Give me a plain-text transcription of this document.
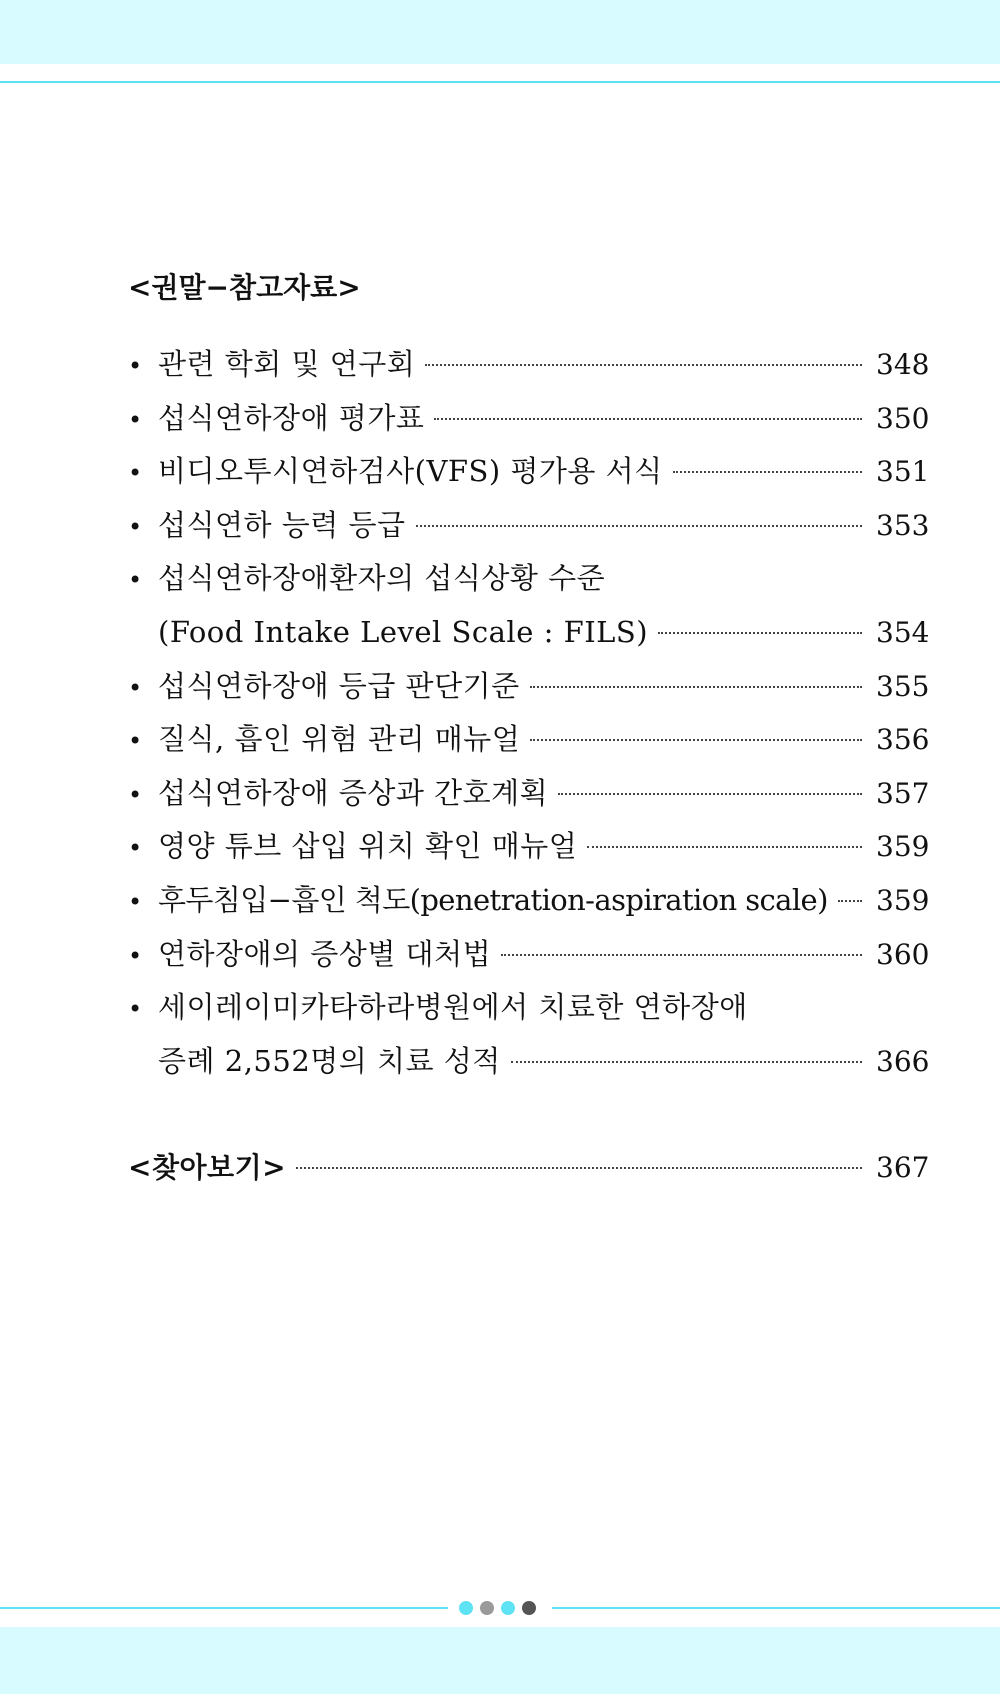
<권말−참고자료>
• 관련 학회 및 연구회	348
• 섭식연하장애 평가표	350
• 비디오투시연하검사(VFS) 평가용 서식	351
• 섭식연하 능력 등급	353
• 섭식연하장애환자의 섭식상황 수준
(Food Intake Level Scale : FILS)	354
• 섭식연하장애 등급 판단기준	355
• 질식, 흡인 위험 관리 매뉴얼	356
• 섭식연하장애 증상과 간호계획	357
• 영양 튜브 삽입 위치 확인 매뉴얼	359
• 후두침입−흡인 척도(penetration-aspiration scale) 359
• 연하장애의 증상별 대처법	360
• 세이레이미카타하라병원에서 치료한 연하장애
증례 2,552명의 치료 성적	366
<찾아보기>	367
